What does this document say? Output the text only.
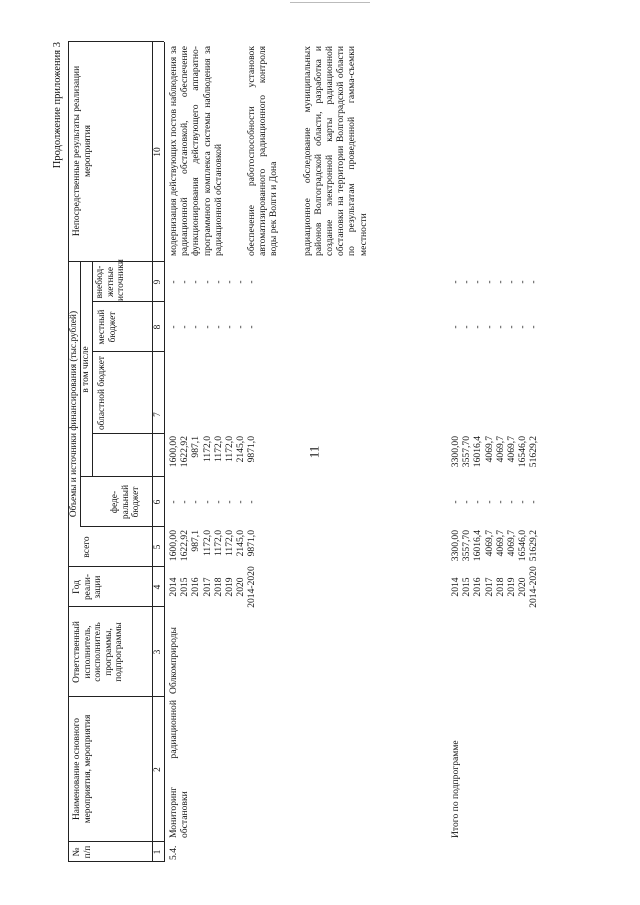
11
Продолжение приложения 3
№ п/п
Наименование основного мероприятия, мероприятия
Ответственный исполнитель, соисполнитель программы, подпрограммы
Год реали-зации
Объемы и источники финансирования (тыс.рублей)
всего
в том числе
феде-ральный бюджет
областной бюджет
местный бюджет
внебюд-жетные источники
Непосредственные результаты реализации мероприятия
1
2
3
4
5
6
7
8
9
10
5.4.
Мониторинг радиационной обстановки
Облкомприроды
2014 2015 2016 2017 2018 2019 2020 2014-2020
1600,00 1622,92 987,1 1172,0 1172,0 1172,0 2145,0 9871,0
- - - - - - - -
1600,00 1622,92 987,1 1172,0 1172,0 1172,0 2145,0 9871,0
- - - - - - - -
- - - - - - - -
модернизация действующих постов наблюдения за радиационной обстановкой, обеспечение функционирования действующего аппаратно-программного комплекса системы наблюдения за радиационной обстановкой обеспечение работоспособности установок автоматизированного радиационного контроля воды рек Волги и Дона радиационное обследование муниципальных районов Волгоградской области, разработка и создание электронной карты радиационной обстановки на территории Волгоградской области по результатам проведенной гамма-съемки местности
Итого по подпрограмме
2014 2015 2016 2017 2018 2019 2020 2014-2020
3300,00 3557,70 16016,4 4069,7 4069,7 4069,7 16546,0 51629,2
- - - - - - - -
3300,00 3557,70 16016,4 4069,7 4069,7 4069,7 16546,0 51629,2
- - - - - - - -
- - - - - - - -
